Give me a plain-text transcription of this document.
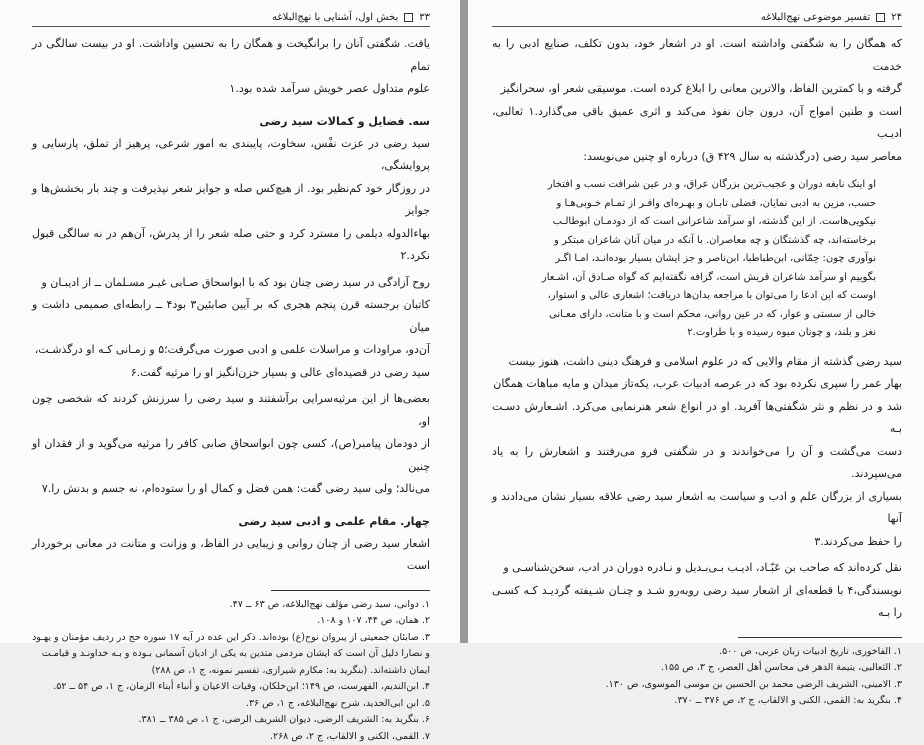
۳۳
بخش اول، آشنایی با نهج‌البلاغه

یافت. شگفتی آنان را برانگیخت و همگان را به تحسین واداشت. او در بیست سالگی در تمام

علوم متداول عصر خویش سرآمد شده بود.۱

سه. فضایل و کمالات سید رضی

سید رضی در عزت نفْس، سخاوت، پایبندی به امور شرعی، پرهیز از تملق، پارسایی و پروایشگی،

در روزگار خود کم‌نظیر بود. از هیچ‌کس صله و جوایز شعر نپذیرفت و چند بار بخشش‌ها و جوایز

بهاءالدوله دیلمی را مسترد کرد و حتی صله شعر را از پدرش، آن‌هم در نه سالگی قبول نکرد.۲

روح آزادگی در سید رضی چنان بود که با ابواسحاق صـابی غیـر مسـلمان ــ از ادیبـان و

کاتبان برجسته قرن پنجم هجری که بر آیین صابئین۳ بود۴ ــ رابطه‌ای صمیمی داشت و میان

آن‌دو، مراودات و مراسلات علمی و ادبی صورت می‌گرفت؛۵ و زمـانی کـه او درگذشـت،

سید رضی در قصیده‌ای عالی و بسیار حزن‌انگیز او را مرثیه گفت.۶

بعضی‌ها از این مرثیه‌سرایی برآشفتند و سید رضی را سرزنش کردند که شخصی چون او،

از دودمان پیامبر(ص)، کسی چون ابواسحاق صابی کافر را مرثیه می‌گوید و از فقدان او چنین

می‌نالد؛ ولی سید رضی گفت: همن فضل و کمال او را ستوده‌ام، نه جسم و بدنش را.۷

چهار. مقام علمی و ادبی سید رضی

اشعار سید رضی از چنان روانی و زیبایی در الفاظ، و وزانت و متانت در معانی برخوردار است

۱. دوانی، سید رضی مؤلف نهج‌البلاغه، ص ۶۳ ــ ۴۷.

۲. همان، ص ۴۴، ۱۰۷ و ۱۰۸.

۳. صابئان جمعیتی از پیروان نوح(ع) بوده‌اند. ذکر این عده در آیه ۱۷ سوره حج در ردیف مؤمنان و یهـود

و نصارا دلیل آن است که ایشان مردمی متدین به یکی از ادیان آسمانی بـوده و بـه خداونـد و قیامـت

ایمان داشته‌اند. (بنگرید به: مکارم شیرازی، تفسیر نمونه، ج ۱، ص ۲۸۸)

۴. ابن‌الندیم، الفهرست، ص ۱۴۹؛ ابن‌خلکان، وفیات الاعیان و أنباء أبناء الزمان، ج ۱، ص ۵۴ ــ ۵۲.

۵. ابن ابی‌الحدید، شرح نهج‌البلاغه، ج ۱، ص ۳۶.

۶. بنگرید به: الشریف الرضی، دیوان الشریف الرضی، ج ۱، ص ۳۸۵ ــ ۳۸۱.

۷. القمی، الکنی و الالقاب، ج ۲، ص ۲۶۸.

۲۴
تفسیر موضوعی نهج‌البلاغه

که همگان را به شگفتی واداشته است. او در اشعار خود، بدون تکلف، صنایع ادبی را به خدمت

گرفته و با کمترین الفاظ، والاترین معانی را ابلاغ کرده است. موسیقی شعر او، سحرانگیز

است و طنین امواج آن، درون جان نفوذ می‌کند و اثری عمیق باقی می‌گذارد.۱ ثعالبی، ادیـب

معاصر سید رضی (درگذشته به سال ۴۲۹ ق) درباره او چنین می‌نویسد:

او اینک نابغه دوران و عجیب‌ترین بزرگان عراق، و در عین شرافت نسب و افتخار
حسب، مزین به ادبی نمایان، فضلی تابـان و بهـره‌ای وافـر از تمـام خـوبی‌هـا و
نیکویی‌هاست. از این گذشته، او سرآمد شاعرانی است که از دودمـان ابوطالـب
برخاسته‌اند، چه گذشتگان و چه معاصران. با آنکه در میان آنان شاعران مبتکر و
نوآوری چون: حِمّانی، ابن‌طباطبا، ابن‌ناصر و جز ایشان بسیار بوده‌انـد، امـا اگـر
بگوییم او سرآمد شاعران قریش است، گزافه نگفته‌ایم که گواه صـادق آن، اشـعار
اوست که این ادعا را می‌توان با مراجعه بدان‌ها دریافت؛ اشعاری عالی و استوار،
خالی از سستی و عوار، که در عین روانی، محکم است و با متانت، دارای معـانی
نغز و بلند، و چونان میوه رسیده و با طراوت.۲

سید رضی گذشته از مقام والایی که در علوم اسلامی و فرهنگ دینی داشت، هنوز بیست

بهار عمر را سپری نکرده بود که در عرصه ادبیات عرب، یکه‌تاز میدان و مایه مباهات همگان

شد و در نظم و نثر شگفتی‌ها آفرید. او در انواع شعر هنرنمایی می‌کرد. اشـعارش دسـت بـه

دست می‌گشت و آن را می‌خواندند و در شگفتی فرو می‌رفتند و اشعارش را به یاد می‌سپردند.

بسیاری از بزرگان علم و ادب و سیاست به اشعار سید رضی علاقه بسیار نشان می‌دادند و آنها

را حفظ می‌کردند.۳

نقل کرده‌اند که صاحب بن عَبّـاد، ادیـب بـی‌بـدیل و نـادره دوران در ادب، سخن‌شناسـی و

نویسندگی،۴ با قطعه‌ای از اشعار سید رضی روبه‌رو شـد و چنـان شـیفته گردیـد کـه کسـی را بـه

۱. الفاخوری، تاریخ ادبیات زبان عربی، ص ۵۰۰.

۲. الثعالبی، یتیمة الدهر فی محاسن أهل العصر، ج ۳، ص ۱۵۵.

۳. الامینی، الشریف الرضی محمد بن الحسین بن موسی الموسوی، ص ۱۳۰.

۴. بنگرید به: القمی، الکنی و الالقاب، ج ۲، ص ۳۷۶ ــ ۳۷۰.
